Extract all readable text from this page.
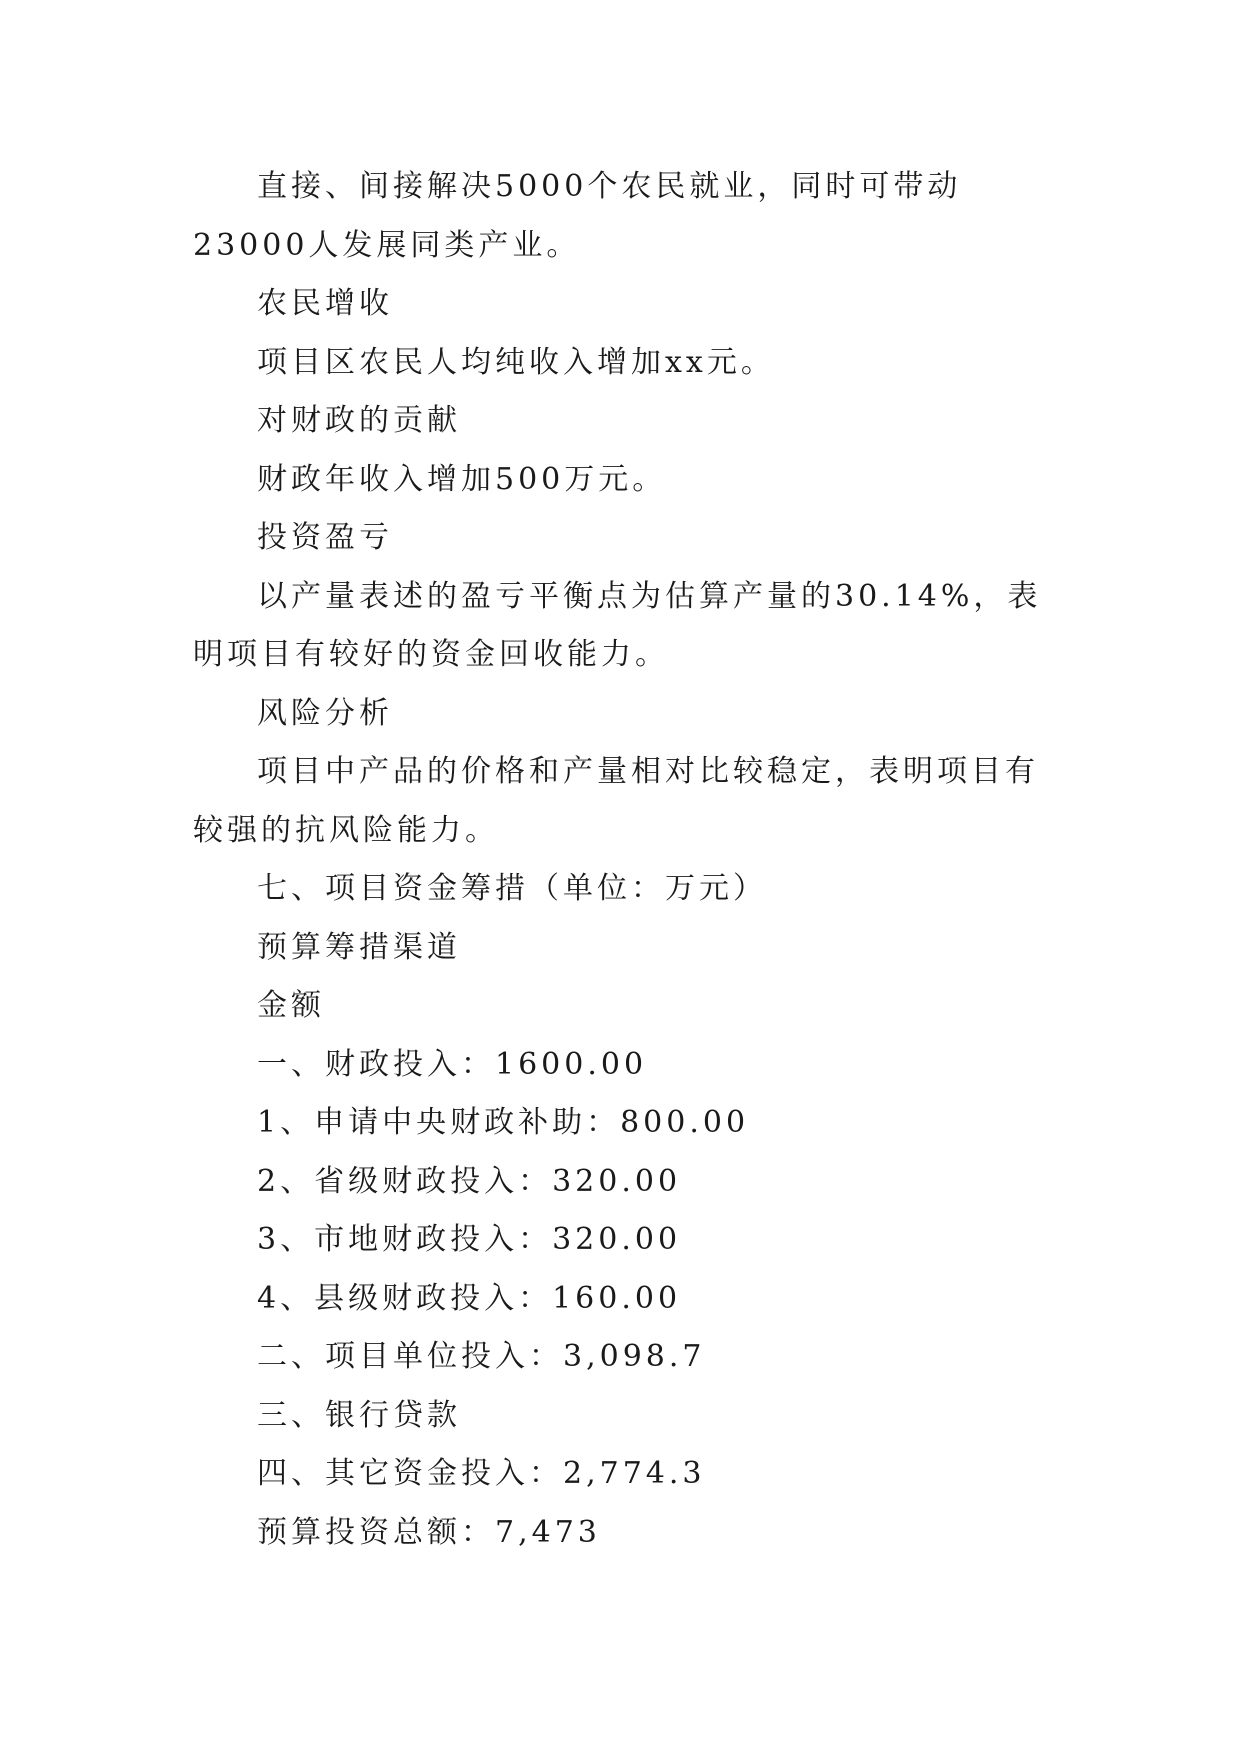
直接、间接解决5000个农民就业，同时可带动23000人发展同类产业。

农民增收

项目区农民人均纯收入增加xx元。

对财政的贡献

财政年收入增加500万元。

投资盈亏

以产量表述的盈亏平衡点为估算产量的30.14%，表明项目有较好的资金回收能力。

风险分析

项目中产品的价格和产量相对比较稳定，表明项目有较强的抗风险能力。

七、项目资金筹措（单位：万元）

预算筹措渠道

金额

一、财政投入：1600.00

1、申请中央财政补助：800.00

2、省级财政投入：320.00

3、市地财政投入：320.00

4、县级财政投入：160.00

二、项目单位投入：3,098.7

三、银行贷款

四、其它资金投入：2,774.3

预算投资总额：7,473
